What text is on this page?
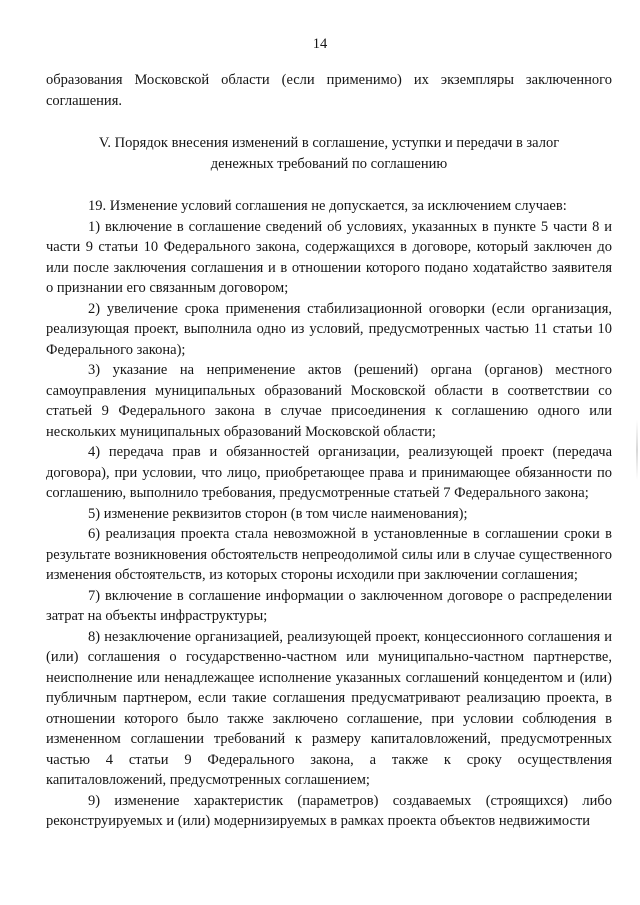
14

образования Московской области (если применимо) их экземпляры заключенного соглашения.

V. Порядок внесения изменений в соглашение, уступки и передачи в залог денежных требований по соглашению

19. Изменение условий соглашения не допускается, за исключением случаев:

1) включение в соглашение сведений об условиях, указанных в пункте 5 части 8 и части 9 статьи 10 Федерального закона, содержащихся в договоре, который заключен до или после заключения соглашения и в отношении которого подано ходатайство заявителя о признании его связанным договором;

2) увеличение срока применения стабилизационной оговорки (если организация, реализующая проект, выполнила одно из условий, предусмотренных частью 11 статьи 10 Федерального закона);

3) указание на неприменение актов (решений) органа (органов) местного самоуправления муниципальных образований Московской области в соответствии со статьей 9 Федерального закона в случае присоединения к соглашению одного или нескольких муниципальных образований Московской области;

4) передача прав и обязанностей организации, реализующей проект (передача договора), при условии, что лицо, приобретающее права и принимающее обязанности по соглашению, выполнило требования, предусмотренные статьей 7 Федерального закона;

5) изменение реквизитов сторон (в том числе наименования);

6) реализация проекта стала невозможной в установленные в соглашении сроки в результате возникновения обстоятельств непреодолимой силы или в случае существенного изменения обстоятельств, из которых стороны исходили при заключении соглашения;

7) включение в соглашение информации о заключенном договоре о распределении затрат на объекты инфраструктуры;

8) незаключение организацией, реализующей проект, концессионного соглашения и (или) соглашения о государственно-частном или муниципально-частном партнерстве, неисполнение или ненадлежащее исполнение указанных соглашений концедентом и (или) публичным партнером, если такие соглашения предусматривают реализацию проекта, в отношении которого было также заключено соглашение, при условии соблюдения в измененном соглашении требований к размеру капиталовложений, предусмотренных частью 4 статьи 9 Федерального закона, а также к сроку осуществления капиталовложений, предусмотренных соглашением;

9) изменение характеристик (параметров) создаваемых (строящихся) либо реконструируемых и (или) модернизируемых в рамках проекта объектов недвижимости
